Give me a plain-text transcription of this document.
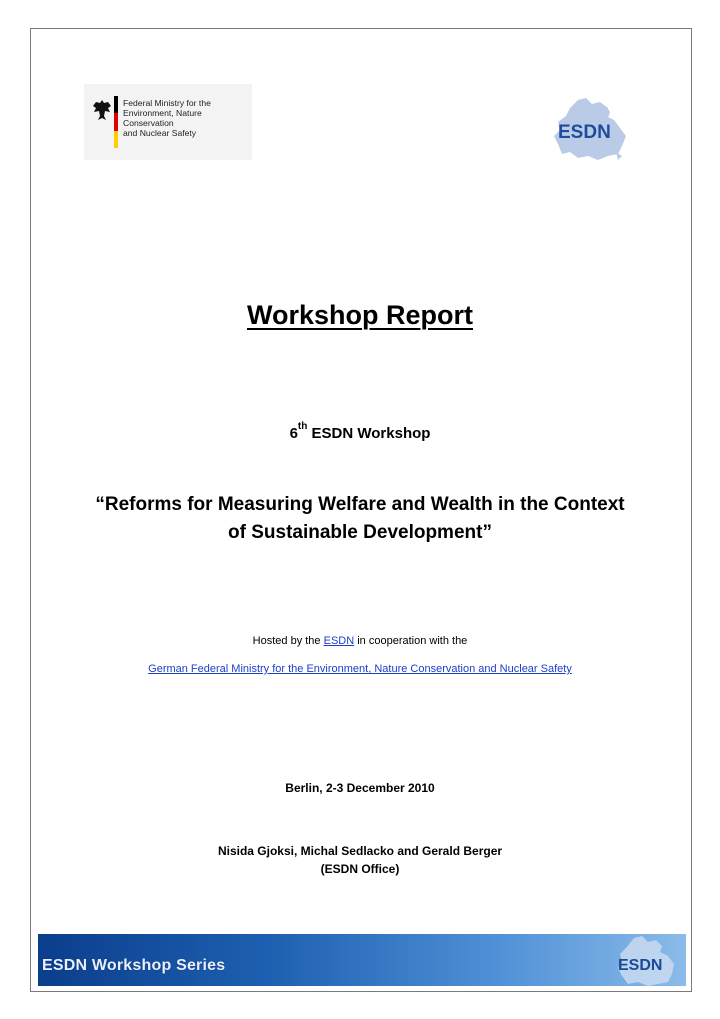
Federal Ministry for the
Environment, Nature Conservation
and Nuclear Safety	ESDN
Workshop Report
6th ESDN Workshop
“Reforms for Measuring Welfare and Wealth in the Context of Sustainable Development”
Hosted by the ESDN in cooperation with the
German Federal Ministry for the Environment, Nature Conservation and Nuclear Safety
Berlin, 2-3 December 2010
Nisida Gjoksi, Michal Sedlacko and Gerald Berger
(ESDN Office)
ESDN Workshop Series	ESDN
